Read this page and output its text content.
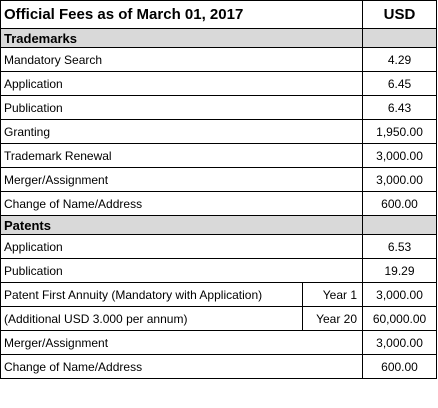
Official Fees as of March 01, 2017		USD
Trademarks		
Mandatory Search		4.29
Application		6.45
Publication		6.43
Granting		1,950.00
Trademark Renewal		3,000.00
Merger/Assignment		3,000.00
Change of Name/Address		600.00
Patents		
Application		6.53
Publication		19.29
Patent First Annuity (Mandatory with Application)	Year 1	3,000.00
(Additional USD 3.000 per annum)	Year 20	60,000.00
Merger/Assignment		3,000.00
Change of Name/Address		600.00
